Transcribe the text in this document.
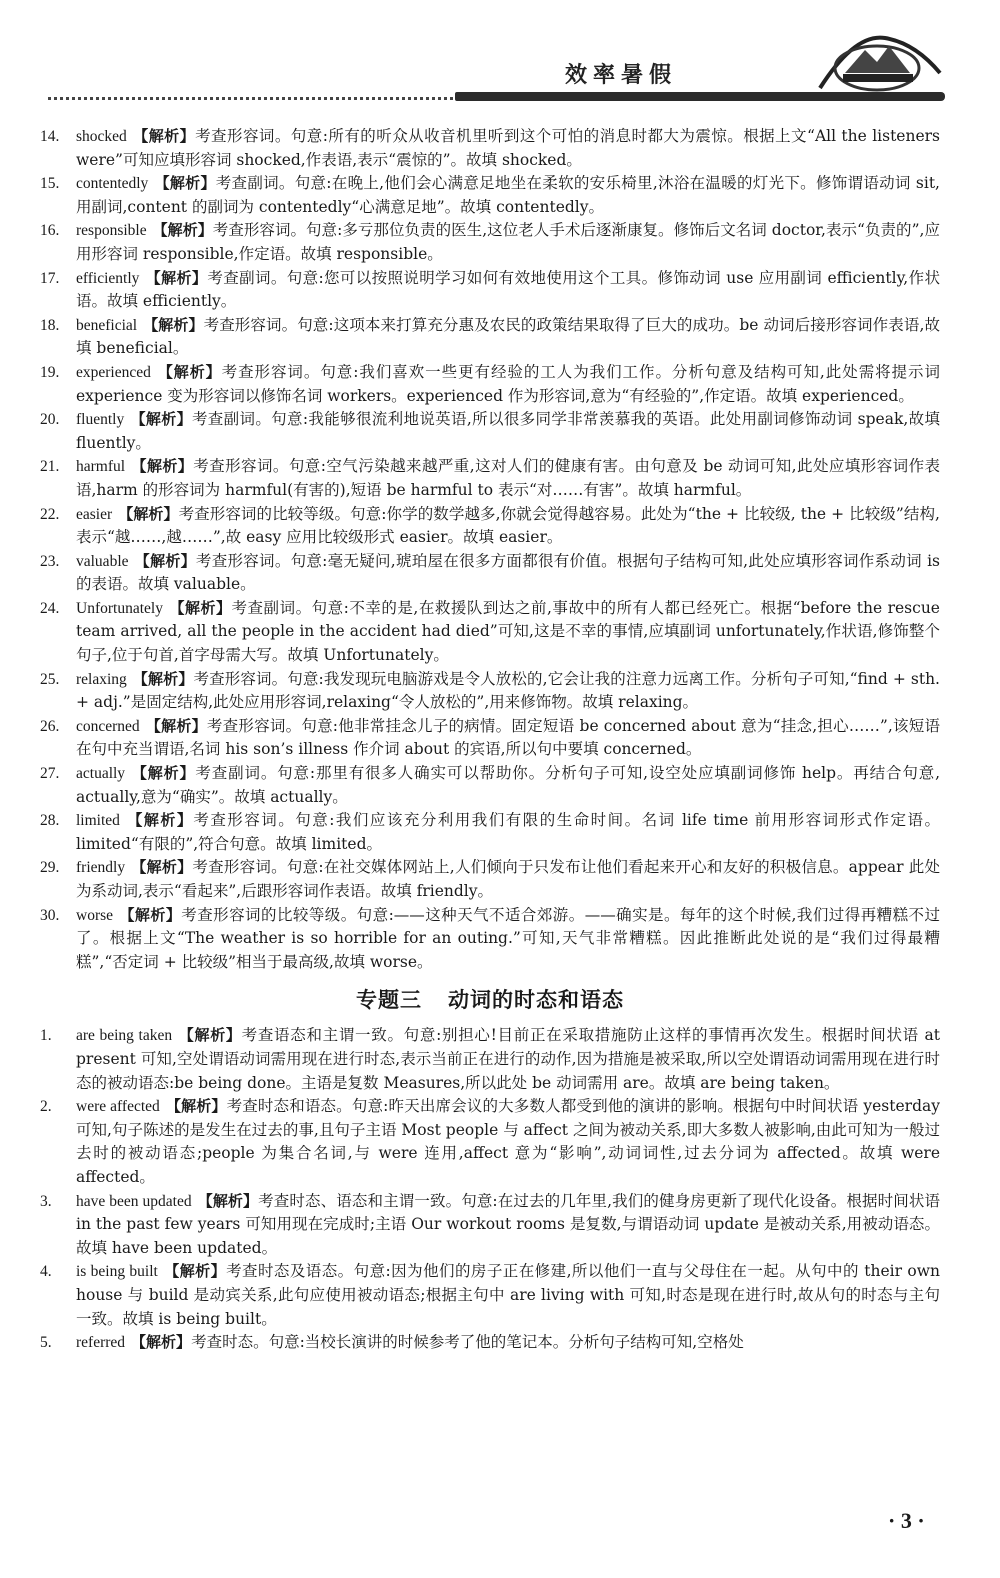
效率暑假

14. shocked 【解析】考查形容词。句意:所有的听众从收音机里听到这个可怕的消息时都大为震惊。根据上文“All the listeners were”可知应填形容词 shocked,作表语,表示“震惊的”。故填 shocked。

15. contentedly 【解析】考查副词。句意:在晚上,他们会心满意足地坐在柔软的安乐椅里,沐浴在温暖的灯光下。修饰谓语动词 sit,用副词,content 的副词为 contentedly“心满意足地”。故填 contentedly。

16. responsible 【解析】考查形容词。句意:多亏那位负责的医生,这位老人手术后逐渐康复。修饰后文名词 doctor,表示“负责的”,应用形容词 responsible,作定语。故填 responsible。

17. efficiently 【解析】考查副词。句意:您可以按照说明学习如何有效地使用这个工具。修饰动词 use 应用副词 efficiently,作状语。故填 efficiently。

18. beneficial 【解析】考查形容词。句意:这项本来打算充分惠及农民的政策结果取得了巨大的成功。be 动词后接形容词作表语,故填 beneficial。

19. experienced 【解析】考查形容词。句意:我们喜欢一些更有经验的工人为我们工作。分析句意及结构可知,此处需将提示词 experience 变为形容词以修饰名词 workers。experienced 作为形容词,意为“有经验的”,作定语。故填 experienced。

20. fluently 【解析】考查副词。句意:我能够很流利地说英语,所以很多同学非常羡慕我的英语。此处用副词修饰动词 speak,故填 fluently。

21. harmful 【解析】考查形容词。句意:空气污染越来越严重,这对人们的健康有害。由句意及 be 动词可知,此处应填形容词作表语,harm 的形容词为 harmful(有害的),短语 be harmful to 表示“对……有害”。故填 harmful。

22. easier 【解析】考查形容词的比较等级。句意:你学的数学越多,你就会觉得越容易。此处为“the + 比较级, the + 比较级”结构,表示“越……,越……”,故 easy 应用比较级形式 easier。故填 easier。

23. valuable 【解析】考查形容词。句意:毫无疑问,琥珀屋在很多方面都很有价值。根据句子结构可知,此处应填形容词作系动词 is 的表语。故填 valuable。

24. Unfortunately 【解析】考查副词。句意:不幸的是,在救援队到达之前,事故中的所有人都已经死亡。根据“before the rescue team arrived, all the people in the accident had died”可知,这是不幸的事情,应填副词 unfortunately,作状语,修饰整个句子,位于句首,首字母需大写。故填 Unfortunately。

25. relaxing 【解析】考查形容词。句意:我发现玩电脑游戏是令人放松的,它会让我的注意力远离工作。分析句子可知,“find + sth. + adj.”是固定结构,此处应用形容词,relaxing“令人放松的”,用来修饰物。故填 relaxing。

26. concerned 【解析】考查形容词。句意:他非常挂念儿子的病情。固定短语 be concerned about 意为“挂念,担心……”,该短语在句中充当谓语,名词 his son’s illness 作介词 about 的宾语,所以句中要填 concerned。

27. actually 【解析】考查副词。句意:那里有很多人确实可以帮助你。分析句子可知,设空处应填副词修饰 help。再结合句意, actually,意为“确实”。故填 actually。

28. limited 【解析】考查形容词。句意:我们应该充分利用我们有限的生命时间。名词 life time 前用形容词形式作定语。limited“有限的”,符合句意。故填 limited。

29. friendly 【解析】考查形容词。句意:在社交媒体网站上,人们倾向于只发布让他们看起来开心和友好的积极信息。appear 此处为系动词,表示“看起来”,后跟形容词作表语。故填 friendly。

30. worse 【解析】考查形容词的比较等级。句意:——这种天气不适合郊游。——确实是。每年的这个时候,我们过得再糟糕不过了。根据上文“The weather is so horrible for an outing.”可知,天气非常糟糕。因此推断此处说的是“我们过得最糟糕”,“否定词 + 比较级”相当于最高级,故填 worse。

专题三 动词的时态和语态

1. are being taken 【解析】考查语态和主谓一致。句意:别担心!目前正在采取措施防止这样的事情再次发生。根据时间状语 at present 可知,空处谓语动词需用现在进行时态,表示当前正在进行的动作,因为措施是被采取,所以空处谓语动词需用现在进行时态的被动语态:be being done。主语是复数 Measures,所以此处 be 动词需用 are。故填 are being taken。

2. were affected 【解析】考查时态和语态。句意:昨天出席会议的大多数人都受到他的演讲的影响。根据句中时间状语 yesterday 可知,句子陈述的是发生在过去的事,且句子主语 Most people 与 affect 之间为被动关系,即大多数人被影响,由此可知为一般过去时的被动语态;people 为集合名词,与 were 连用,affect 意为“影响”,动词词性,过去分词为 affected。故填 were affected。

3. have been updated 【解析】考查时态、语态和主谓一致。句意:在过去的几年里,我们的健身房更新了现代化设备。根据时间状语 in the past few years 可知用现在完成时;主语 Our workout rooms 是复数,与谓语动词 update 是被动关系,用被动语态。故填 have been updated。

4. is being built 【解析】考查时态及语态。句意:因为他们的房子正在修建,所以他们一直与父母住在一起。从句中的 their own house 与 build 是动宾关系,此句应使用被动语态;根据主句中 are living with 可知,时态是现在进行时,故从句的时态与主句一致。故填 is being built。

5. referred 【解析】考查时态。句意:当校长演讲的时候参考了他的笔记本。分析句子结构可知,空格处

· 3 ·
